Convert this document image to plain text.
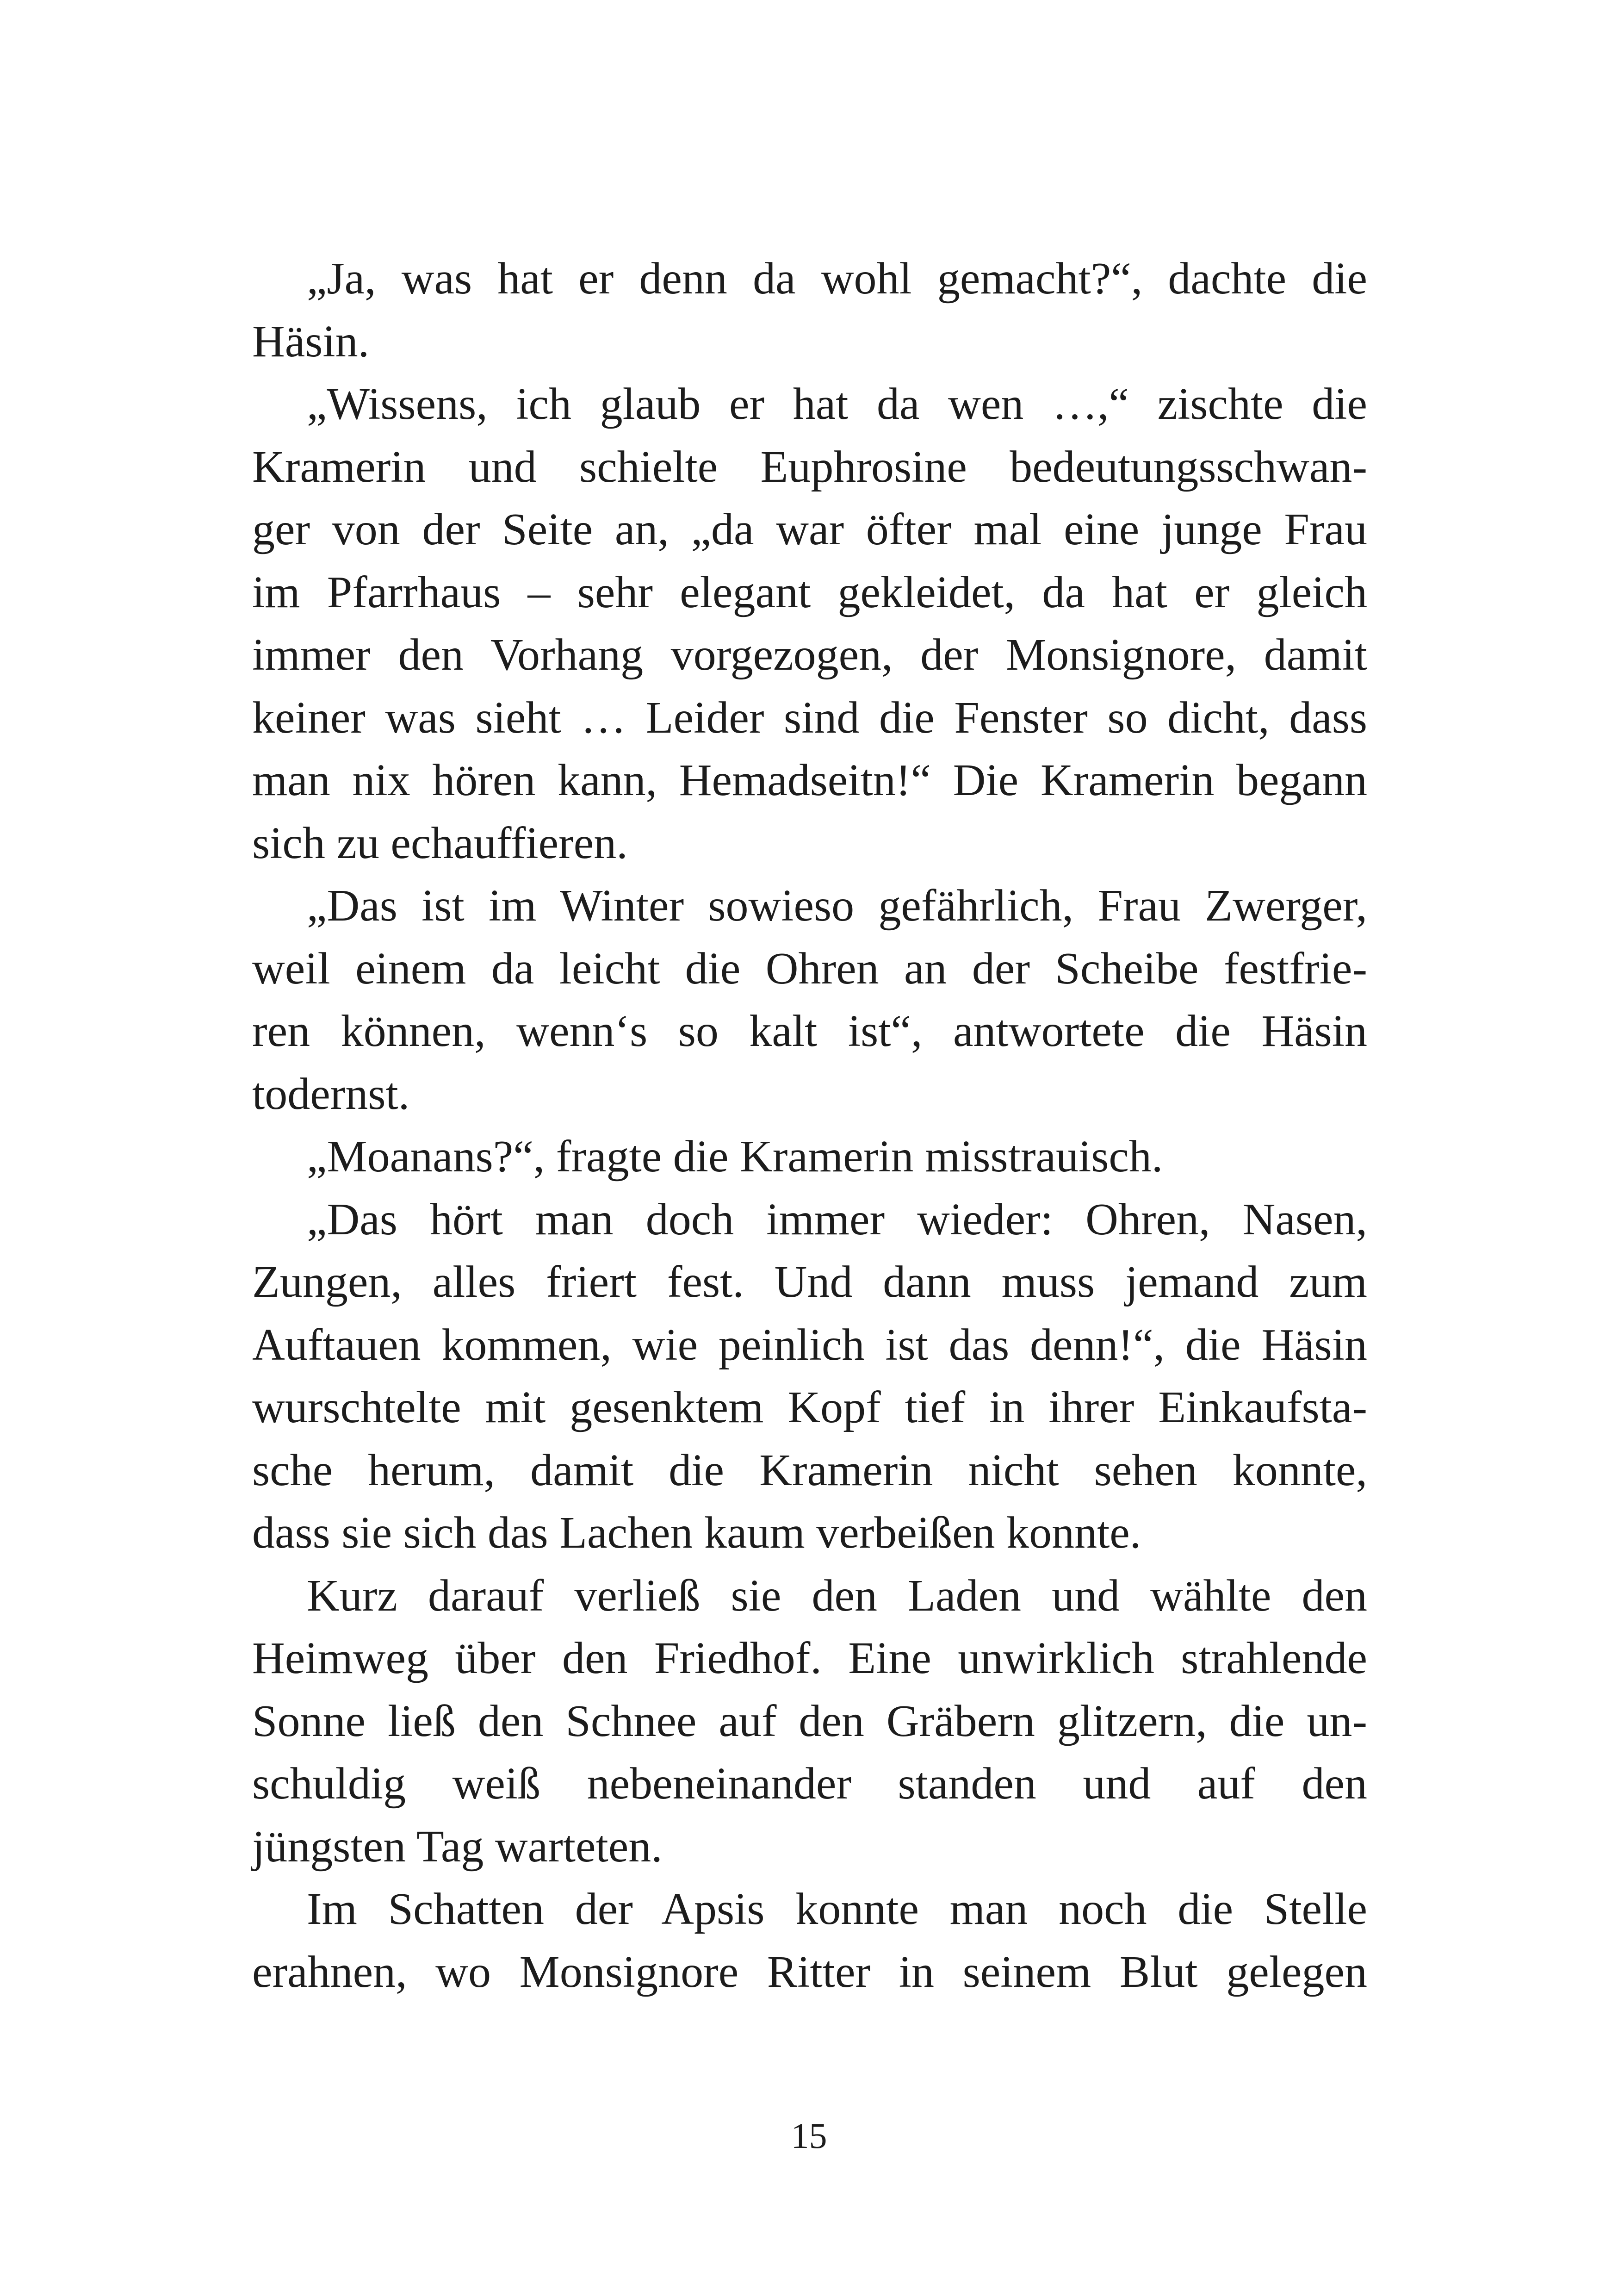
„Ja, was hat er denn da wohl gemacht?“, dachte die
Häsin.
„Wissens, ich glaub er hat da wen …,“ zischte die
Kramerin und schielte Euphrosine bedeutungsschwan-
ger von der Seite an, „da war öfter mal eine junge Frau
im Pfarrhaus – sehr elegant gekleidet, da hat er gleich
immer den Vorhang vorgezogen, der Monsignore, damit
keiner was sieht … Leider sind die Fenster so dicht, dass
man nix hören kann, Hemadseitn!“ Die Kramerin begann
sich zu echauffieren.
„Das ist im Winter sowieso gefährlich, Frau Zwerger,
weil einem da leicht die Ohren an der Scheibe festfrie-
ren können, wenn‘s so kalt ist“, antwortete die Häsin
todernst.
„Moanans?“, fragte die Kramerin misstrauisch.
„Das hört man doch immer wieder: Ohren, Nasen,
Zungen, alles friert fest. Und dann muss jemand zum
Auftauen kommen, wie peinlich ist das denn!“, die Häsin
wurschtelte mit gesenktem Kopf tief in ihrer Einkaufsta-
sche herum, damit die Kramerin nicht sehen konnte,
dass sie sich das Lachen kaum verbeißen konnte.
Kurz darauf verließ sie den Laden und wählte den
Heimweg über den Friedhof. Eine unwirklich strahlende
Sonne ließ den Schnee auf den Gräbern glitzern, die un-
schuldig weiß nebeneinander standen und auf den
jüngsten Tag warteten.
Im Schatten der Apsis konnte man noch die Stelle
erahnen, wo Monsignore Ritter in seinem Blut gelegen
15
